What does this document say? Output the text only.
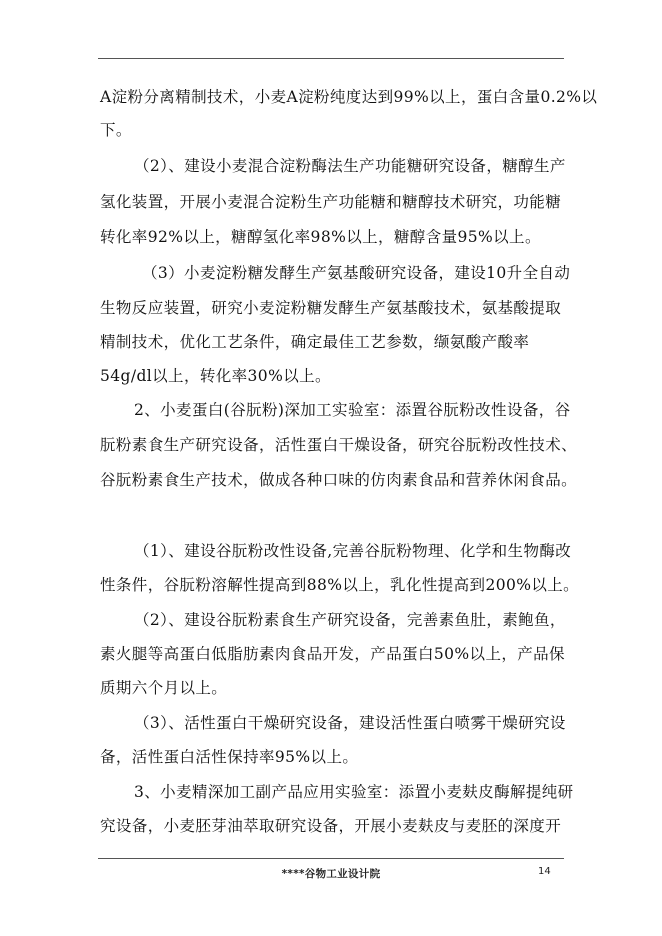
A淀粉分离精制技术，小麦A淀粉纯度达到99%以上，蛋白含量0.2%以
下。
（2）、建设小麦混合淀粉酶法生产功能糖研究设备，糖醇生产
氢化装置，开展小麦混合淀粉生产功能糖和糖醇技术研究，功能糖
转化率92%以上，糖醇氢化率98%以上，糖醇含量95%以上。
（3）小麦淀粉糖发酵生产氨基酸研究设备，建设10升全自动
生物反应装置，研究小麦淀粉糖发酵生产氨基酸技术，氨基酸提取
精制技术，优化工艺条件，确定最佳工艺参数，缬氨酸产酸率
54g/dl以上，转化率30%以上。
2、小麦蛋白(谷朊粉)深加工实验室：添置谷朊粉改性设备，谷
朊粉素食生产研究设备，活性蛋白干燥设备，研究谷朊粉改性技术、
谷朊粉素食生产技术，做成各种口味的仿肉素食品和营养休闲食品。
（1）、建设谷朊粉改性设备,完善谷朊粉物理、化学和生物酶改
性条件，谷朊粉溶解性提高到88%以上，乳化性提高到200%以上。
（2）、建设谷朊粉素食生产研究设备，完善素鱼肚，素鲍鱼，
素火腿等高蛋白低脂肪素肉食品开发，产品蛋白50%以上，产品保
质期六个月以上。
（3）、活性蛋白干燥研究设备，建设活性蛋白喷雾干燥研究设
备，活性蛋白活性保持率95%以上。
3、小麦精深加工副产品应用实验室：添置小麦麸皮酶解提纯研
究设备，小麦胚芽油萃取研究设备，开展小麦麸皮与麦胚的深度开
****谷物工业设计院	14
